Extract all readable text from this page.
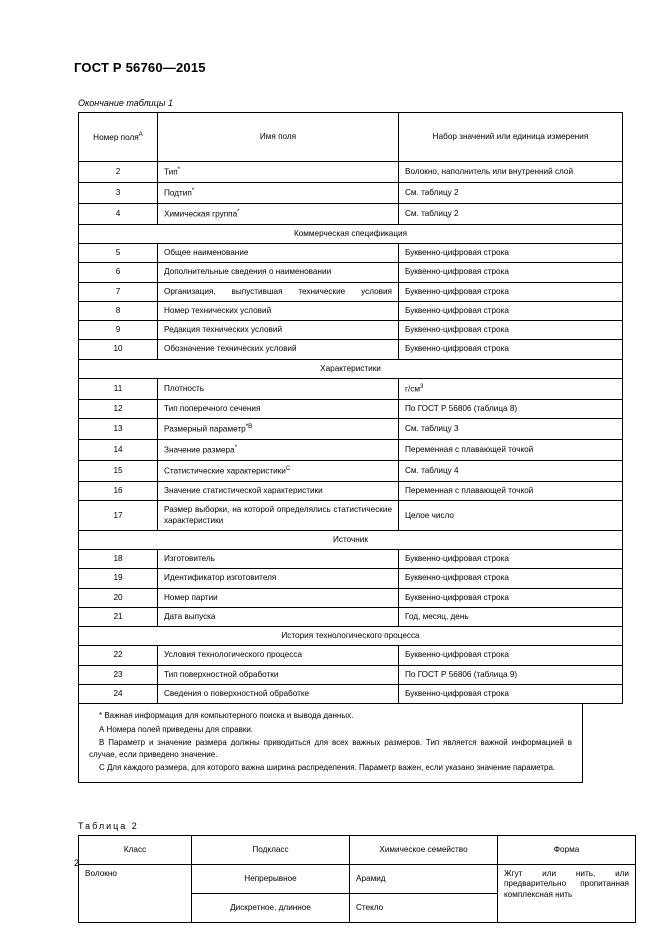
ГОСТ Р 56760—2015
Окончание таблицы 1
Номер поля$^А$	Имя поля	Набор значений или единица измерения
2	Тип*	Волокно, наполнитель или внутренний слой
3	Подтип*	См. таблицу 2
4	Химическая группа*	См. таблицу 2
Коммерческая спецификация		
5	Общее наименование	Буквенно-цифровая строка
6	Дополнительные сведения о наименовании	Буквенно-цифровая строка
7	Организация, выпустившая технические условия	Буквенно-цифровая строка
8	Номер технических условий	Буквенно-цифровая строка
9	Редакция технических условий	Буквенно-цифровая строка
10	Обозначение технических условий	Буквенно-цифровая строка
Характеристики		
11	Плотность	$г/см^3$
12	Тип поперечного сечения	По ГОСТ Р 56806 (таблица 8)
13	Размерный параметр$^{*В}$	См. таблицу 3
14	Значение размера*	Переменная с плавающей точкой
15	Статистические характеристики$^С$	См. таблицу 4
16	Значение статистической характеристики	Переменная с плавающей точкой
17	Размер выборки, на которой определялись статистические характеристики	Целое число
Источник		
18	Изготовитель	Буквенно-цифровая строка
19	Идентификатор изготовителя	Буквенно-цифровая строка
20	Номер партии	Буквенно-цифровая строка
21	Дата выпуска	Год, месяц, день
История технологического процесса		
22	Условия технологического процесса	Буквенно-цифровая строка
23	Тип поверхностной обработки	По ГОСТ Р 56806 (таблица 9)
24	Сведения о поверхностной обработке	Буквенно-цифровая строка

* Важная информация для компьютерного поиска и вывода данных.

А Номера полей приведены для справки.

В Параметр и значение размера должны приводиться для всех важных размеров. Тип является важной информацией в случае, если приведено значение.

С Для каждого размера, для которого важна ширина распределения. Параметр важен, если указано значение параметра.

Таблица 2
Класс	Подкласс	Химическое семейство	Форма
Волокно	Непрерывное	Арамид	Жгут или нить, или предварительно пропитанная комплексная нить
	Дискретное, длинное	Стекло	
2
